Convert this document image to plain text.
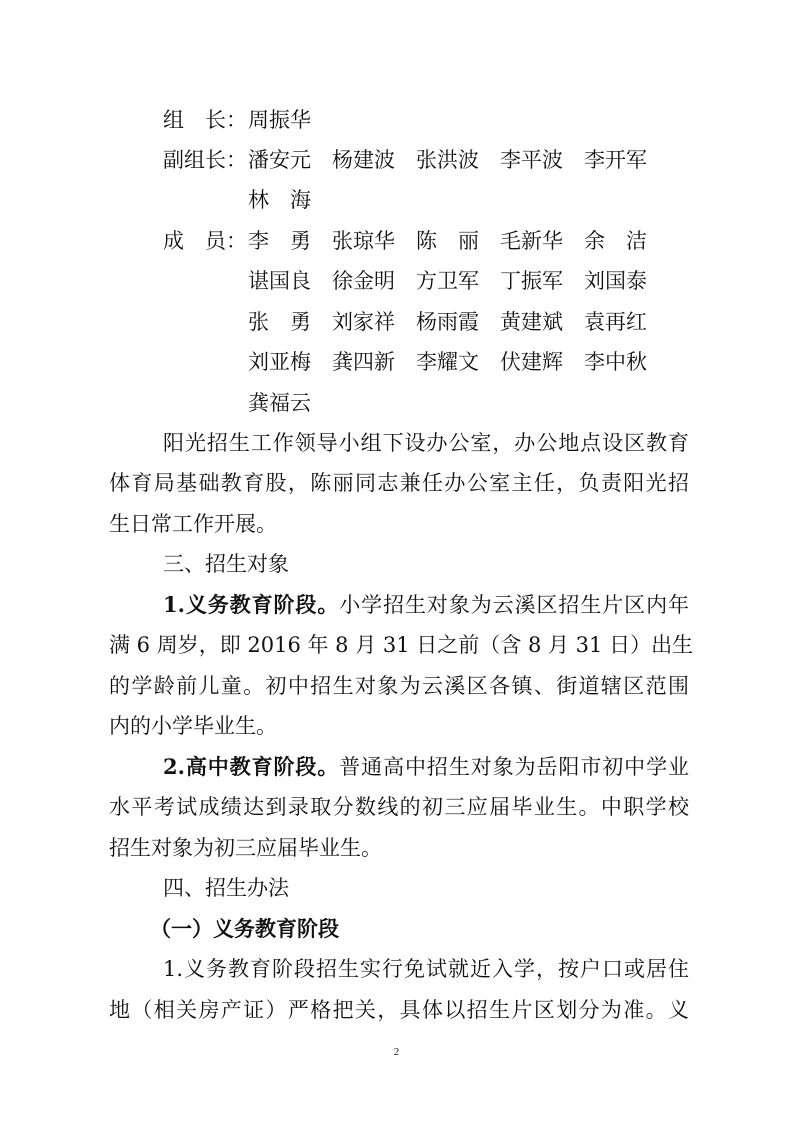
组　长： 周振华
副组长： 潘安元　杨建波　张洪波　李平波　李开军
林　海
成　员： 李　勇　张琼华　陈　丽　毛新华　余　洁
谌国良　徐金明　方卫军　丁振军　刘国泰
张　勇　刘家祥　杨雨霞　黄建斌　袁再红
刘亚梅　龚四新　李耀文　伏建辉　李中秋
龚福云
阳光招生工作领导小组下设办公室，办公地点设区教育
体育局基础教育股，陈丽同志兼任办公室主任，负责阳光招
生日常工作开展。
三、招生对象
1.义务教育阶段。小学招生对象为云溪区招生片区内年
满 6 周岁，即 2016 年 8 月 31 日之前（含 8 月 31 日）出生
的学龄前儿童。初中招生对象为云溪区各镇、街道辖区范围
内的小学毕业生。
2.高中教育阶段。普通高中招生对象为岳阳市初中学业
水平考试成绩达到录取分数线的初三应届毕业生。中职学校
招生对象为初三应届毕业生。
四、招生办法
（一）义务教育阶段
1.义务教育阶段招生实行免试就近入学，按户口或居住
地（相关房产证）严格把关，具体以招生片区划分为准。义
2
